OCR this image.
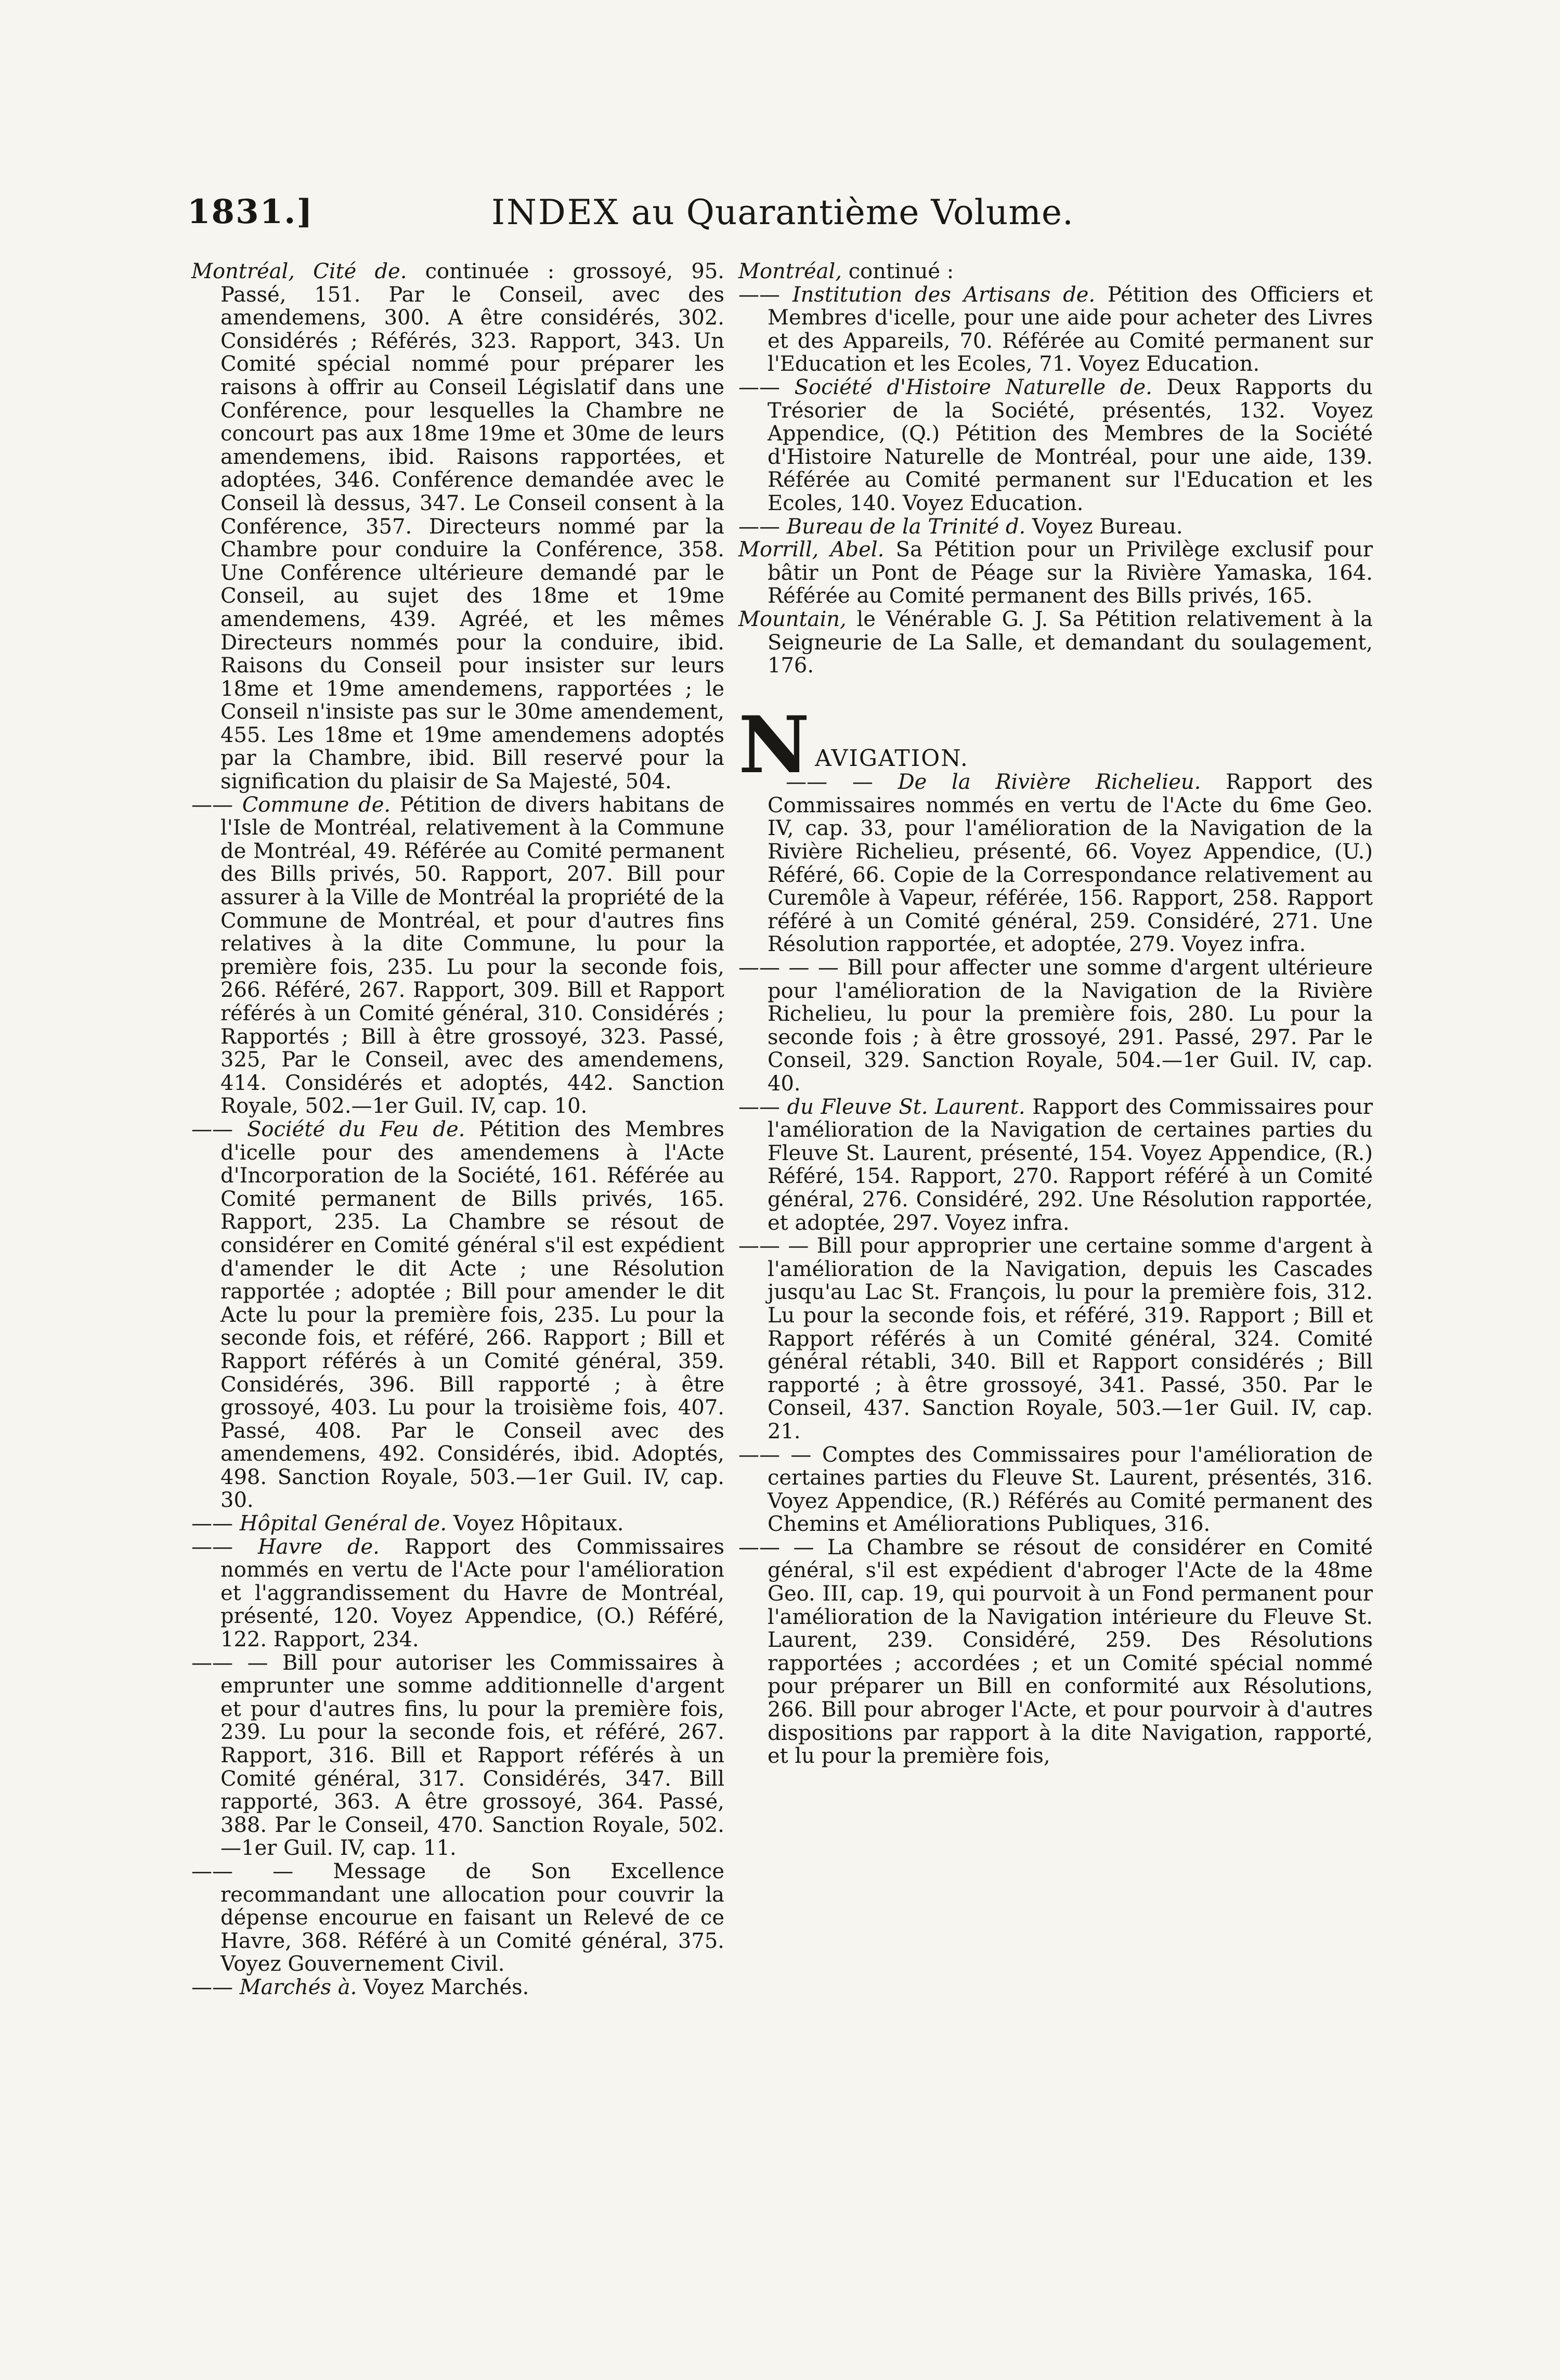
1831.]	INDEX au Quarantième Volume.

Montréal, Cité de. continuée : grossoyé, 95. Passé, 151. Par le Conseil, avec des amendemens, 300. A être considérés, 302. Considérés ; Référés, 323. Rapport, 343. Un Comité spécial nommé pour préparer les raisons à offrir au Conseil Législatif dans une Conférence, pour lesquelles la Chambre ne concourt pas aux 18me 19me et 30me de leurs amendemens, ibid. Raisons rapportées, et adoptées, 346. Conférence demandée avec le Conseil là dessus, 347. Le Conseil consent à la Conférence, 357. Directeurs nommé par la Chambre pour conduire la Conférence, 358. Une Conférence ultérieure demandé par le Conseil, au sujet des 18me et 19me amendemens, 439. Agréé, et les mêmes Directeurs nommés pour la conduire, ibid. Raisons du Conseil pour insister sur leurs 18me et 19me amendemens, rapportées ; le Conseil n'insiste pas sur le 30me amendement, 455. Les 18me et 19me amendemens adoptés par la Chambre, ibid. Bill reservé pour la signification du plaisir de Sa Majesté, 504.

—— Commune de. Pétition de divers habitans de l'Isle de Montréal, relativement à la Commune de Montréal, 49. Référée au Comité permanent des Bills privés, 50. Rapport, 207. Bill pour assurer à la Ville de Montréal la propriété de la Commune de Montréal, et pour d'autres fins relatives à la dite Commune, lu pour la première fois, 235. Lu pour la seconde fois, 266. Référé, 267. Rapport, 309. Bill et Rapport référés à un Comité général, 310. Considérés ; Rapportés ; Bill à être grossoyé, 323. Passé, 325, Par le Conseil, avec des amendemens, 414. Considérés et adoptés, 442. Sanction Royale, 502.—1er Guil. IV, cap. 10.

—— Société du Feu de. Pétition des Membres d'icelle pour des amendemens à l'Acte d'Incorporation de la Société, 161. Référée au Comité permanent de Bills privés, 165. Rapport, 235. La Chambre se résout de considérer en Comité général s'il est expédient d'amender le dit Acte ; une Résolution rapportée ; adoptée ; Bill pour amender le dit Acte lu pour la première fois, 235. Lu pour la seconde fois, et référé, 266. Rapport ; Bill et Rapport référés à un Comité général, 359. Considérés, 396. Bill rapporté ; à être grossoyé, 403. Lu pour la troisième fois, 407. Passé, 408. Par le Conseil avec des amendemens, 492. Considérés, ibid. Adoptés, 498. Sanction Royale, 503.—1er Guil. IV, cap. 30.

—— Hôpital Genéral de. Voyez Hôpitaux.

—— Havre de. Rapport des Commissaires nommés en vertu de l'Acte pour l'amélioration et l'aggrandissement du Havre de Montréal, présenté, 120. Voyez Appendice, (O.) Référé, 122. Rapport, 234.

—— — Bill pour autoriser les Commissaires à emprunter une somme additionnelle d'argent et pour d'autres fins, lu pour la première fois, 239. Lu pour la seconde fois, et référé, 267. Rapport, 316. Bill et Rapport référés à un Comité général, 317. Considérés, 347. Bill rapporté, 363. A être grossoyé, 364. Passé, 388. Par le Conseil, 470. Sanction Royale, 502.—1er Guil. IV, cap. 11.

—— — Message de Son Excellence recommandant une allocation pour couvrir la dépense encourue en faisant un Relevé de ce Havre, 368. Référé à un Comité général, 375. Voyez Gouvernement Civil.

—— Marchés à. Voyez Marchés.

Montréal, continué :

—— Institution des Artisans de. Pétition des Officiers et Membres d'icelle, pour une aide pour acheter des Livres et des Appareils, 70. Référée au Comité permanent sur l'Education et les Ecoles, 71. Voyez Education.

—— Société d'Histoire Naturelle de. Deux Rapports du Trésorier de la Société, présentés, 132. Voyez Appendice, (Q.) Pétition des Membres de la Société d'Histoire Naturelle de Montréal, pour une aide, 139. Référée au Comité permanent sur l'Education et les Ecoles, 140. Voyez Education.

—— Bureau de la Trinité d. Voyez Bureau.

Morrill, Abel. Sa Pétition pour un Privilège exclusif pour bâtir un Pont de Péage sur la Rivière Yamaska, 164. Référée au Comité permanent des Bills privés, 165.

Mountain, le Vénérable G. J. Sa Pétition relativement à la Seigneurie de La Salle, et demandant du soulagement, 176.

N AVIGATION.

—— — De la Rivière Richelieu. Rapport des Commissaires nommés en vertu de l'Acte du 6me Geo. IV, cap. 33, pour l'amélioration de la Navigation de la Rivière Richelieu, présenté, 66. Voyez Appendice, (U.) Référé, 66. Copie de la Correspondance relativement au Curemôle à Vapeur, référée, 156. Rapport, 258. Rapport référé à un Comité général, 259. Considéré, 271. Une Résolution rapportée, et adoptée, 279. Voyez infra.

—— — — Bill pour affecter une somme d'argent ultérieure pour l'amélioration de la Navigation de la Rivière Richelieu, lu pour la première fois, 280. Lu pour la seconde fois ; à être grossoyé, 291. Passé, 297. Par le Conseil, 329. Sanction Royale, 504.—1er Guil. IV, cap. 40.

—— du Fleuve St. Laurent. Rapport des Commissaires pour l'amélioration de la Navigation de certaines parties du Fleuve St. Laurent, présenté, 154. Voyez Appendice, (R.) Référé, 154. Rapport, 270. Rapport référé à un Comité général, 276. Considéré, 292. Une Résolution rapportée, et adoptée, 297. Voyez infra.

—— — Bill pour approprier une certaine somme d'argent à l'amélioration de la Navigation, depuis les Cascades jusqu'au Lac St. François, lu pour la première fois, 312. Lu pour la seconde fois, et référé, 319. Rapport ; Bill et Rapport référés à un Comité général, 324. Comité général rétabli, 340. Bill et Rapport considérés ; Bill rapporté ; à être grossoyé, 341. Passé, 350. Par le Conseil, 437. Sanction Royale, 503.—1er Guil. IV, cap. 21.

—— — Comptes des Commissaires pour l'amélioration de certaines parties du Fleuve St. Laurent, présentés, 316. Voyez Appendice, (R.) Référés au Comité permanent des Chemins et Améliorations Publiques, 316.

—— — La Chambre se résout de considérer en Comité général, s'il est expédient d'abroger l'Acte de la 48me Geo. III, cap. 19, qui pourvoit à un Fond permanent pour l'amélioration de la Navigation intérieure du Fleuve St. Laurent, 239. Considéré, 259. Des Résolutions rapportées ; accordées ; et un Comité spécial nommé pour préparer un Bill en conformité aux Résolutions, 266. Bill pour abroger l'Acte, et pour pourvoir à d'autres dispositions par rapport à la dite Navigation, rapporté, et lu pour la première fois,
